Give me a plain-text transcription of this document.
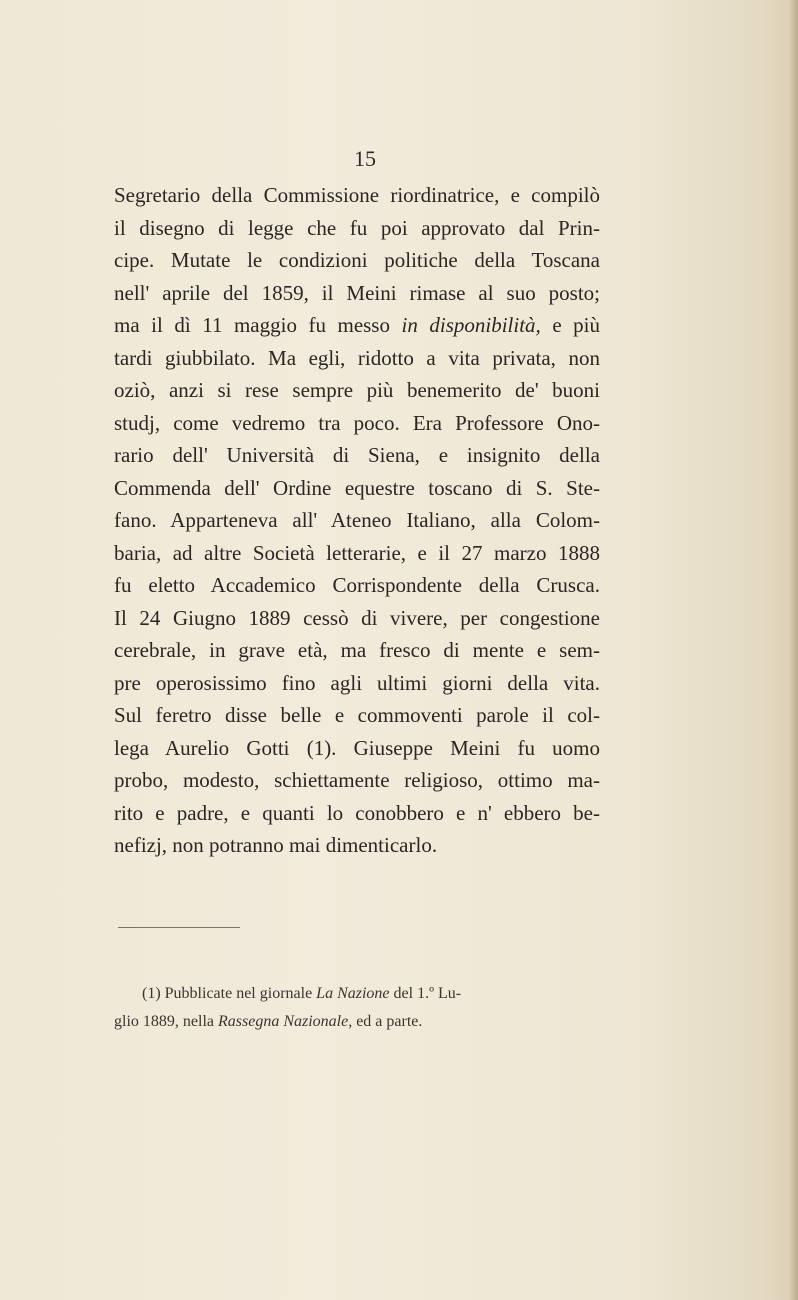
15
Segretario della Commissione riordinatrice, e compilò
il disegno di legge che fu poi approvato dal Prin-
cipe. Mutate le condizioni politiche della Toscana
nell' aprile del 1859, il Meini rimase al suo posto;
ma il dì 11 maggio fu messo in disponibilità, e più
tardi giubbilato. Ma egli, ridotto a vita privata, non
oziò, anzi si rese sempre più benemerito de' buoni
studj, come vedremo tra poco. Era Professore Ono-
rario dell' Università di Siena, e insignito della
Commenda dell' Ordine equestre toscano di S. Ste-
fano. Apparteneva all' Ateneo Italiano, alla Colom-
baria, ad altre Società letterarie, e il 27 marzo 1888
fu eletto Accademico Corrispondente della Crusca.
Il 24 Giugno 1889 cessò di vivere, per congestione
cerebrale, in grave età, ma fresco di mente e sem-
pre operosissimo fino agli ultimi giorni della vita.
Sul feretro disse belle e commoventi parole il col-
lega Aurelio Gotti (1). Giuseppe Meini fu uomo
probo, modesto, schiettamente religioso, ottimo ma-
rito e padre, e quanti lo conobbero e n' ebbero be-
nefizj, non potranno mai dimenticarlo.
(1) Pubblicate nel giornale La Nazione del 1.º Lu-
glio 1889, nella Rassegna Nazionale, ed a parte.
